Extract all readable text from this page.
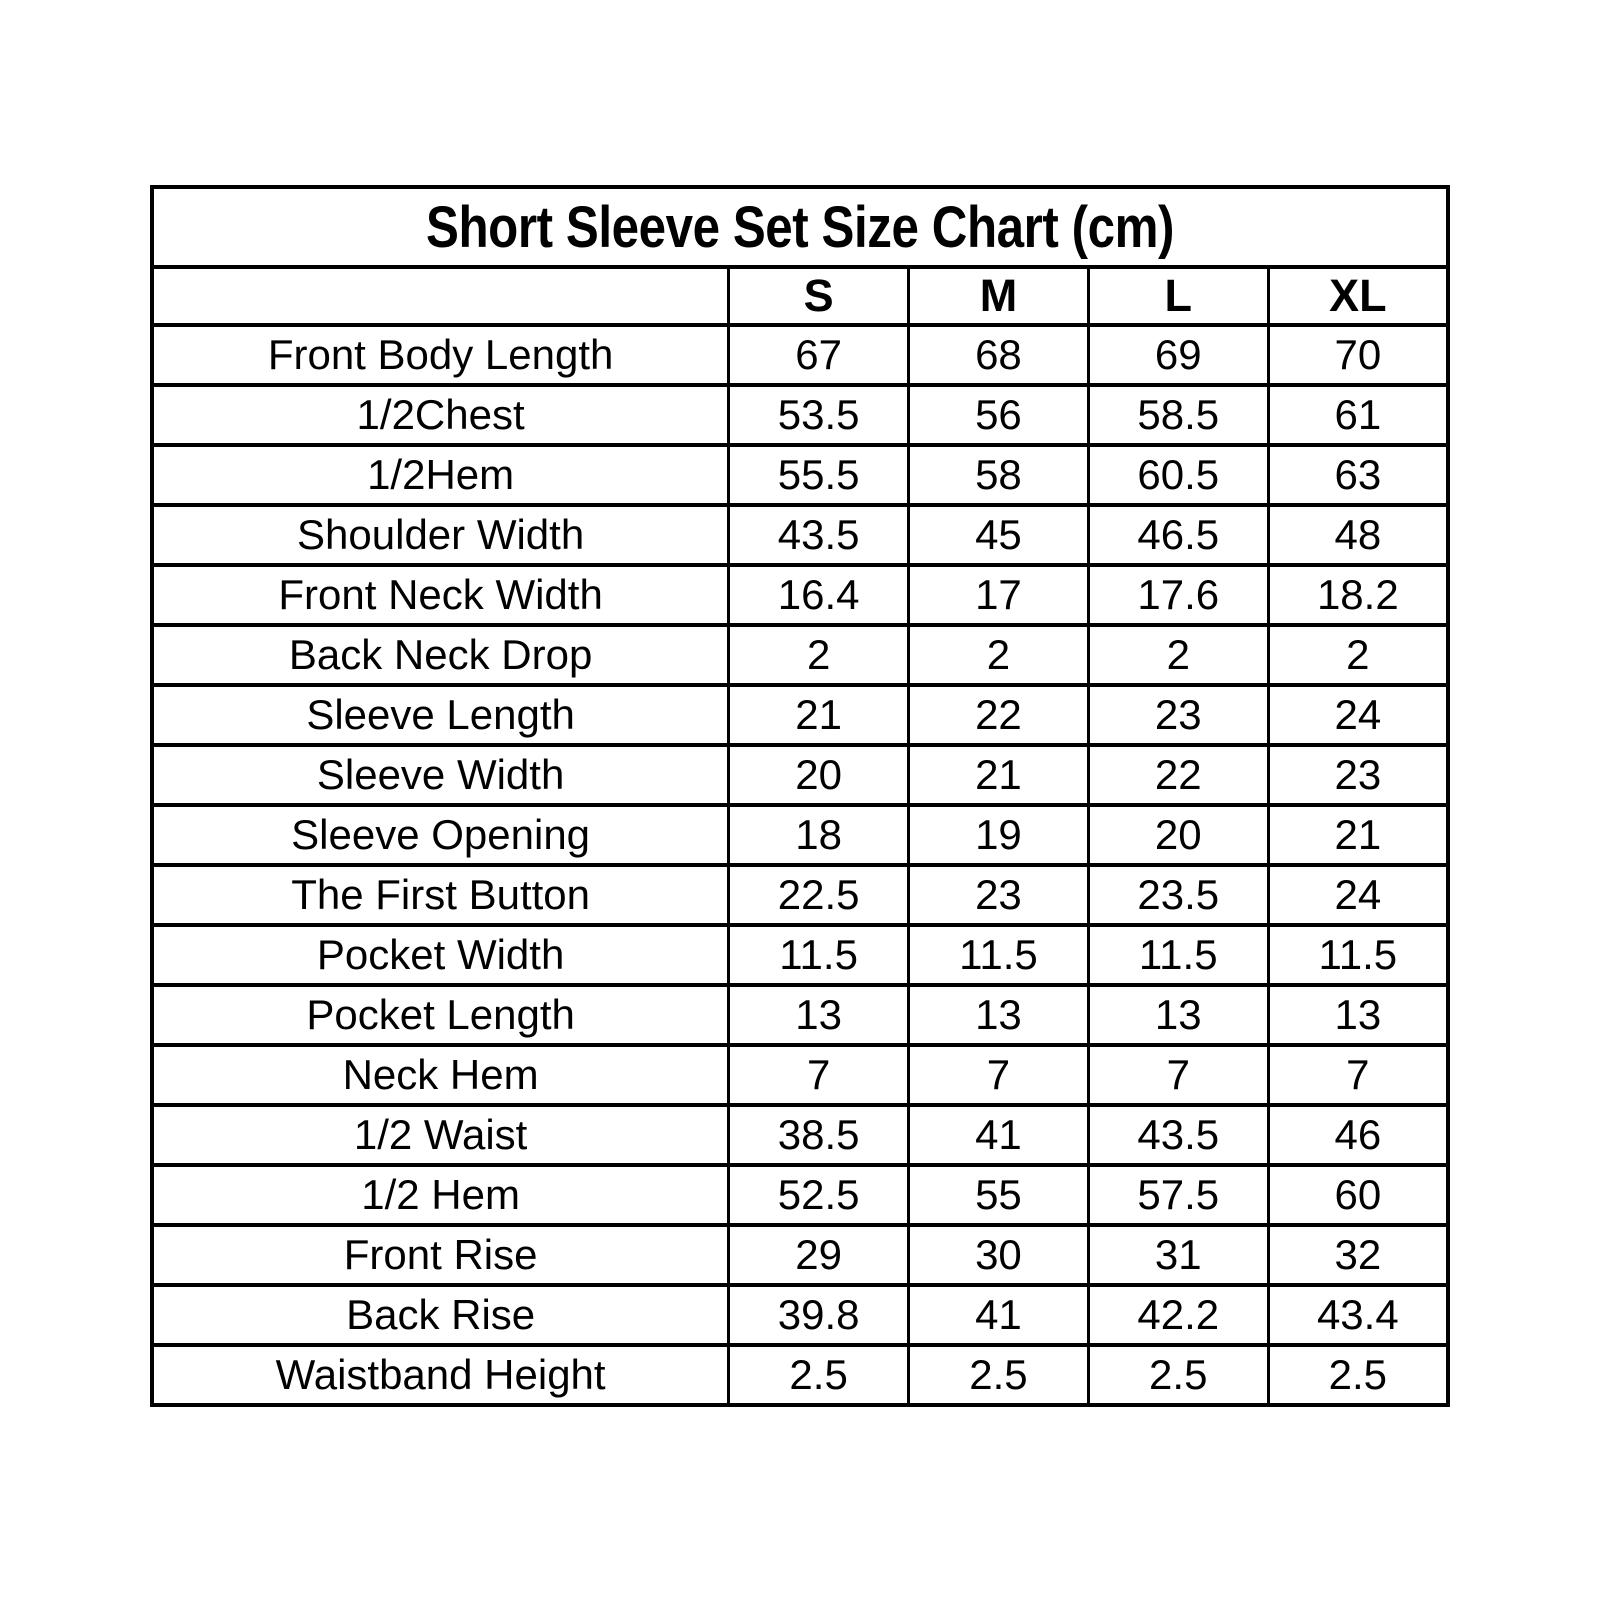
Short Sleeve Set Size Chart (cm)				
	S	M	L	XL
Front Body Length	67	68	69	70
1/2Chest	53.5	56	58.5	61
1/2Hem	55.5	58	60.5	63
Shoulder Width	43.5	45	46.5	48
Front Neck Width	16.4	17	17.6	18.2
Back Neck Drop	2	2	2	2
Sleeve Length	21	22	23	24
Sleeve Width	20	21	22	23
Sleeve Opening	18	19	20	21
The First Button	22.5	23	23.5	24
Pocket Width	11.5	11.5	11.5	11.5
Pocket Length	13	13	13	13
Neck Hem	7	7	7	7
1/2 Waist	38.5	41	43.5	46
1/2 Hem	52.5	55	57.5	60
Front Rise	29	30	31	32
Back Rise	39.8	41	42.2	43.4
Waistband Height	2.5	2.5	2.5	2.5
